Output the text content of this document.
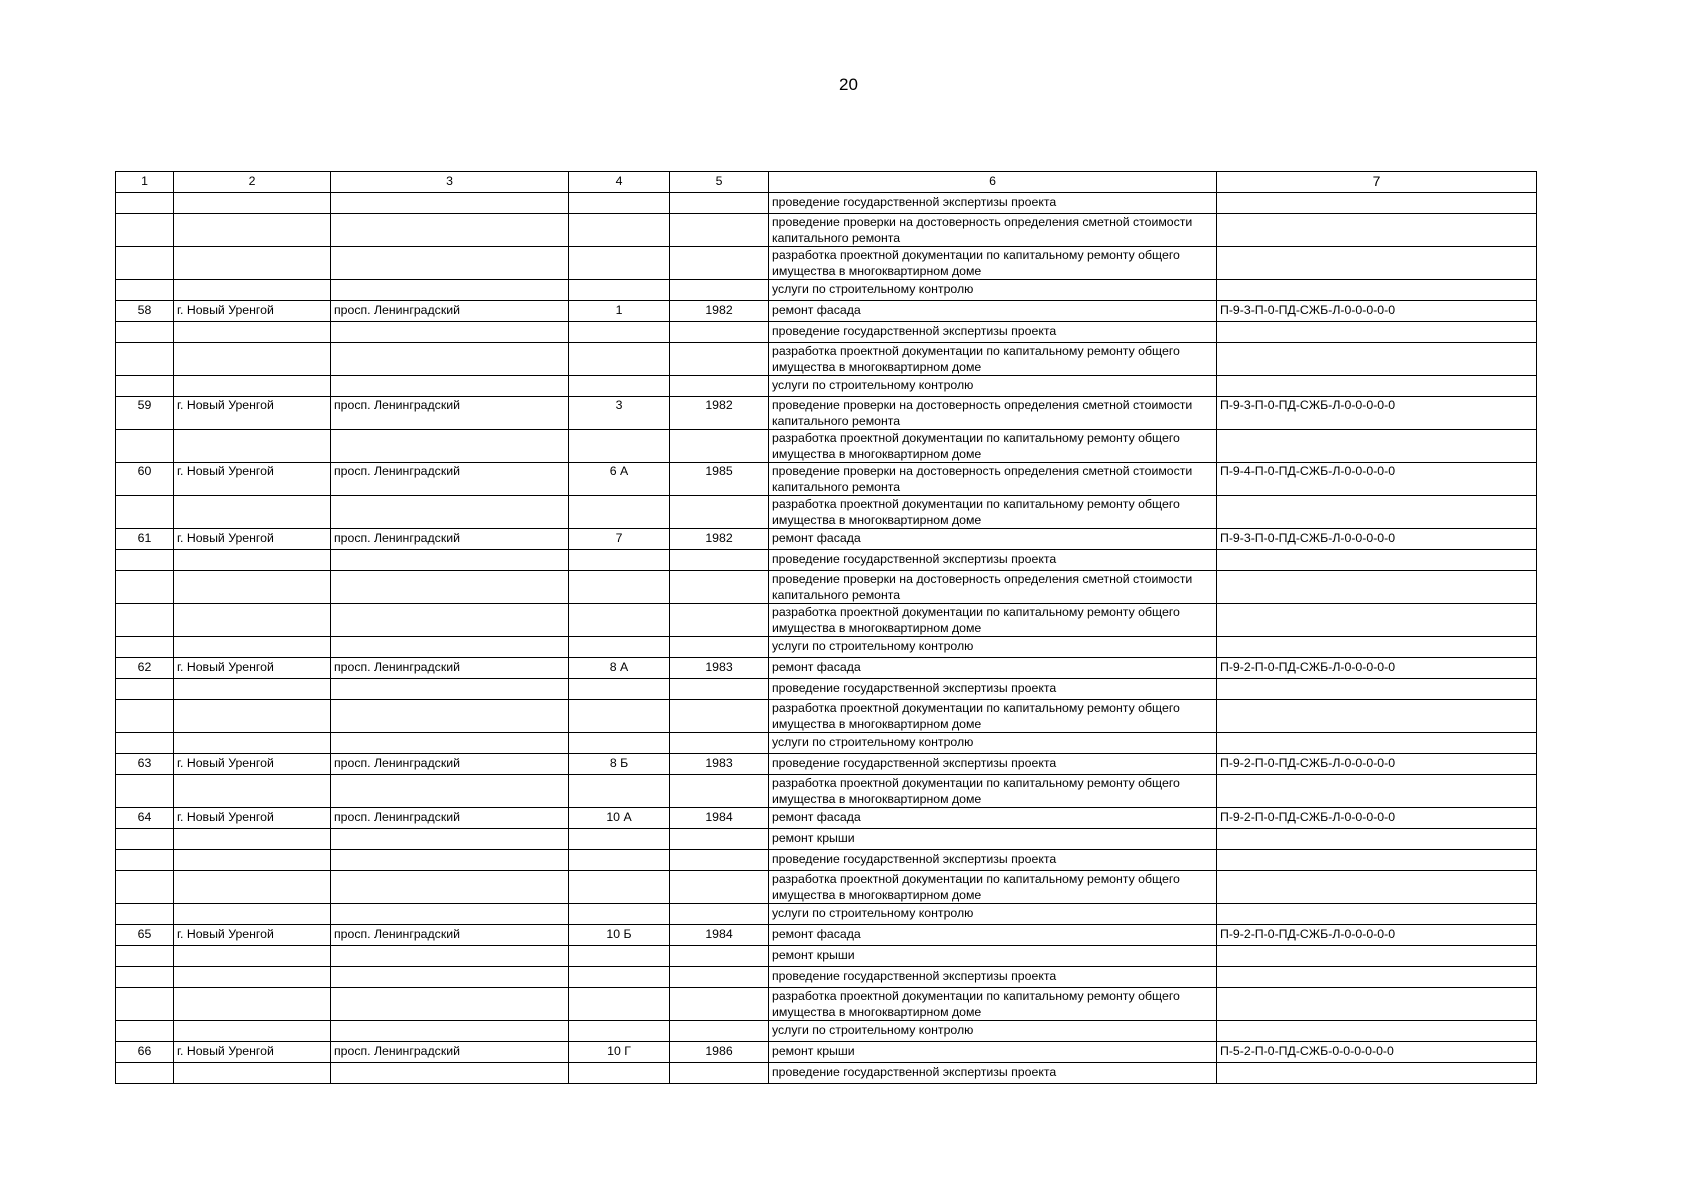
20
1	2	3	4	5	6	7
					проведение государственной экспертизы проекта	
					проведение проверки на достоверность определения сметной стоимости капитального ремонта	
					разработка проектной документации по капитальному ремонту общего имущества в многоквартирном доме	
					услуги по строительному контролю	
58	г. Новый Уренгой	просп. Ленинградский	1	1982	ремонт фасада	П-9-3-П-0-ПД-СЖБ-Л-0-0-0-0-0
					проведение государственной экспертизы проекта	
					разработка проектной документации по капитальному ремонту общего имущества в многоквартирном доме	
					услуги по строительному контролю	
59	г. Новый Уренгой	просп. Ленинградский	3	1982	проведение проверки на достоверность определения сметной стоимости капитального ремонта	П-9-3-П-0-ПД-СЖБ-Л-0-0-0-0-0
					разработка проектной документации по капитальному ремонту общего имущества в многоквартирном доме	
60	г. Новый Уренгой	просп. Ленинградский	6 А	1985	проведение проверки на достоверность определения сметной стоимости капитального ремонта	П-9-4-П-0-ПД-СЖБ-Л-0-0-0-0-0
					разработка проектной документации по капитальному ремонту общего имущества в многоквартирном доме	
61	г. Новый Уренгой	просп. Ленинградский	7	1982	ремонт фасада	П-9-3-П-0-ПД-СЖБ-Л-0-0-0-0-0
					проведение государственной экспертизы проекта	
					проведение проверки на достоверность определения сметной стоимости капитального ремонта	
					разработка проектной документации по капитальному ремонту общего имущества в многоквартирном доме	
					услуги по строительному контролю	
62	г. Новый Уренгой	просп. Ленинградский	8 А	1983	ремонт фасада	П-9-2-П-0-ПД-СЖБ-Л-0-0-0-0-0
					проведение государственной экспертизы проекта	
					разработка проектной документации по капитальному ремонту общего имущества в многоквартирном доме	
					услуги по строительному контролю	
63	г. Новый Уренгой	просп. Ленинградский	8 Б	1983	проведение государственной экспертизы проекта	П-9-2-П-0-ПД-СЖБ-Л-0-0-0-0-0
					разработка проектной документации по капитальному ремонту общего имущества в многоквартирном доме	
64	г. Новый Уренгой	просп. Ленинградский	10 А	1984	ремонт фасада	П-9-2-П-0-ПД-СЖБ-Л-0-0-0-0-0
					ремонт крыши	
					проведение государственной экспертизы проекта	
					разработка проектной документации по капитальному ремонту общего имущества в многоквартирном доме	
					услуги по строительному контролю	
65	г. Новый Уренгой	просп. Ленинградский	10 Б	1984	ремонт фасада	П-9-2-П-0-ПД-СЖБ-Л-0-0-0-0-0
					ремонт крыши	
					проведение государственной экспертизы проекта	
					разработка проектной документации по капитальному ремонту общего имущества в многоквартирном доме	
					услуги по строительному контролю	
66	г. Новый Уренгой	просп. Ленинградский	10 Г	1986	ремонт крыши	П-5-2-П-0-ПД-СЖБ-0-0-0-0-0-0
					проведение государственной экспертизы проекта	
